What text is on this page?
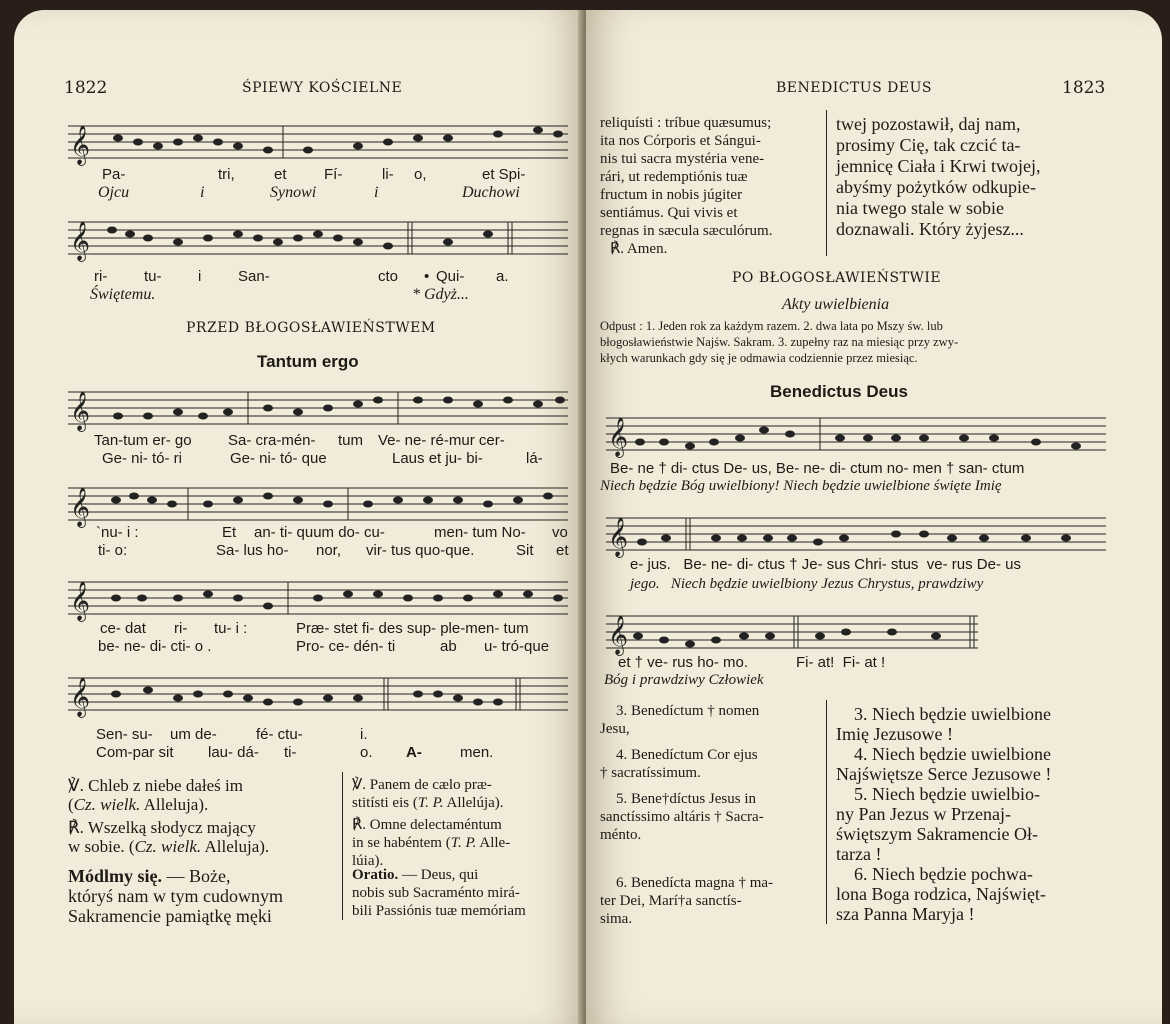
1822	ŚPIEWY KOŚCIELNE
𝄞
Pa-	tri,	et Fí-	li- o,	et Spi-
Ojcu	i	Synowi	i	Duchowi
𝄞
ri- tu- i San-	cto • Qui- a.
Świętemu.	* Gdyż...
PRZED BŁOGOSŁAWIEŃSTWEM
Tantum ergo
𝄞
Tan-tum er- go Sa- cra-mén- tum Ve- ne- ré-mur cer-
Ge- ni- tó- ri	Ge- ni- tó- que	Laus et ju- bi-	lá-
𝄞
`nu- i :	Et an- ti- quum do- cu-	men- tum No- vo
ti- o:	Sa- lus ho- nor, vir- tus quo-que.	Sit et
𝄞
ce- dat ri- tu- i :	Præ- stet fi- des sup- ple-men- tum
be- ne- di- cti- o .	Pro- ce- dén- ti	ab u- tró-que
𝄞
Sen- su- um de-	fé- ctu-	i.
Com-par sit lau- dá- ti-	o. A-	men.
℣. Chleb z niebe dałeś im
(Cz. wielk. Alleluja).
℟. Wszelką słodycz mający
w sobie. (Cz. wielk. Alleluja).
Módlmy się. — Boże,
któryś nam w tym cudownym
Sakramencie pamiątkę męki
℣. Panem de cælo præ-
stitísti eis (T. P. Allelúja).
℟. Omne delectaméntum
in se habéntem (T. P. Alle-
lúia).
Oratio. — Deus, qui
nobis sub Sacraménto mirá-
bili Passiónis tuæ memóriam
BENEDICTUS DEUS	1823
reliquísti : tríbue quæsumus;
ita nos Córporis et Sángui-
nis tui sacra mystéria vene-
rári, ut redemptiónis tuæ
fructum in nobis júgiter
sentiámus. Qui vivis et
regnas in sæcula sæculórum.
℟. Amen.
twej pozostawił, daj nam,
prosimy Cię, tak czcić ta-
jemnicę Ciała i Krwi twojej,
abyśmy pożytków odkupie-
nia twego stale w sobie
doznawali. Który żyjesz...
PO BŁOGOSŁAWIEŃSTWIE
Akty uwielbienia
Odpust : 1. Jeden rok za każdym razem. 2. dwa lata po Mszy św. lub
błogosławieństwie Najśw. Sakram. 3. zupełny raz na miesiąc przy zwy-
kłych warunkach gdy się je odmawia codziennie przez miesiąc.
Benedictus Deus
𝄞
Be- ne † di- ctus De- us, Be- ne- di- ctum no- men † san- ctum
Niech będzie Bóg uwielbiony! Niech będzie uwielbione święte Imię
𝄞
e- jus.   Be- ne- di- ctus † Je- sus Chri- stus  ve- rus De- us
jego.   Niech będzie uwielbiony Jezus Chrystus, prawdziwy
𝄞
et † ve- rus ho- mo.	Fi- at!  Fi- at !
Bóg i prawdziwy Człowiek
3. Benedíctum † nomen
Jesu,
4. Benedíctum Cor ejus
† sacratíssimum.
5. Bene†díctus Jesus in
sanctíssimo altáris † Sacra-
ménto.
6. Benedícta magna † ma-
ter Dei, Marí†a sanctís-
sima.
3. Niech będzie uwielbione
Imię Jezusowe !
4. Niech będzie uwielbione
Najświętsze Serce Jezusowe !
5. Niech będzie uwielbio-
ny Pan Jezus w Przenaj-
świętszym Sakramencie Oł-
tarza !
6. Niech będzie pochwa-
lona Boga rodzica, Najświęt-
sza Panna Maryja !
